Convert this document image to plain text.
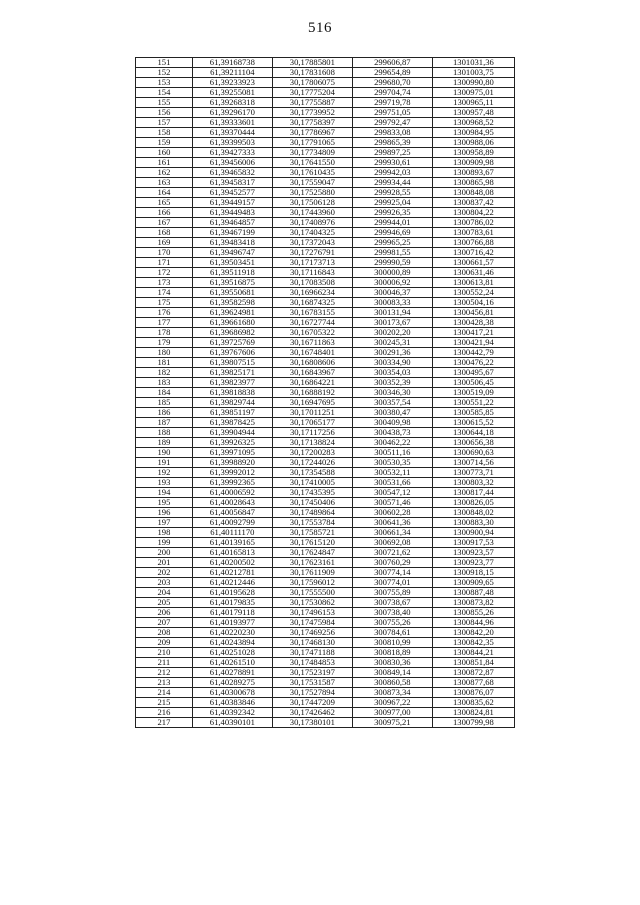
516
151	61,39168738	30,17885801	299606,87	1301031,36
152	61,39211104	30,17831608	299654,89	1301003,75
153	61,39233923	30,17806075	299680,70	1300990,80
154	61,39255081	30,17775204	299704,74	1300975,01
155	61,39268318	30,17755887	299719,78	1300965,11
156	61,39296170	30,17739952	299751,05	1300957,48
157	61,39333601	30,17758397	299792,47	1300968,52
158	61,39370444	30,17786967	299833,08	1300984,95
159	61,39399503	30,17791065	299865,39	1300988,06
160	61,39427333	30,17734809	299897,25	1300958,89
161	61,39456006	30,17641550	299930,61	1300909,98
162	61,39465832	30,17610435	299942,03	1300893,67
163	61,39458317	30,17559047	299934,44	1300865,98
164	61,39452577	30,17525880	299928,55	1300848,08
165	61,39449157	30,17506128	299925,04	1300837,42
166	61,39449483	30,17443960	299926,35	1300804,22
167	61,39464857	30,17408976	299944,01	1300786,02
168	61,39467199	30,17404325	299946,69	1300783,61
169	61,39483418	30,17372043	299965,25	1300766,88
170	61,39496747	30,17276791	299981,55	1300716,42
171	61,39503451	30,17173713	299990,59	1300661,57
172	61,39511918	30,17116843	300000,89	1300631,46
173	61,39516875	30,17083508	300006,92	1300613,81
174	61,39550681	30,16966234	300046,37	1300552,24
175	61,39582598	30,16874325	300083,33	1300504,16
176	61,39624981	30,16783155	300131,94	1300456,81
177	61,39661680	30,16727744	300173,67	1300428,38
178	61,39686982	30,16705322	300202,20	1300417,21
179	61,39725769	30,16711863	300245,31	1300421,94
180	61,39767606	30,16748401	300291,36	1300442,79
181	61,39807515	30,16808606	300334,90	1300476,22
182	61,39825171	30,16843967	300354,03	1300495,67
183	61,39823977	30,16864221	300352,39	1300506,45
184	61,39818838	30,16888192	300346,30	1300519,09
185	61,39829744	30,16947695	300357,54	1300551,22
186	61,39851197	30,17011251	300380,47	1300585,85
187	61,39878425	30,17065177	300409,98	1300615,52
188	61,39904944	30,17117256	300438,73	1300644,18
189	61,39926325	30,17138824	300462,22	1300656,38
190	61,39971095	30,17200283	300511,16	1300690,63
191	61,39988920	30,17244026	300530,35	1300714,56
192	61,39992012	30,17354588	300532,11	1300773,71
193	61,39992365	30,17410005	300531,66	1300803,32
194	61,40006592	30,17435395	300547,12	1300817,44
195	61,40028643	30,17450406	300571,46	1300826,05
196	61,40056847	30,17489864	300602,28	1300848,02
197	61,40092799	30,17553784	300641,36	1300883,30
198	61,40111170	30,17585721	300661,34	1300900,94
199	61,40139165	30,17615120	300692,08	1300917,53
200	61,40165813	30,17624847	300721,62	1300923,57
201	61,40200502	30,17623161	300760,29	1300923,77
202	61,40212781	30,17611909	300774,14	1300918,15
203	61,40212446	30,17596012	300774,01	1300909,65
204	61,40195628	30,17555500	300755,89	1300887,48
205	61,40179835	30,17530862	300738,67	1300873,82
206	61,40179118	30,17496153	300738,40	1300855,26
207	61,40193977	30,17475984	300755,26	1300844,96
208	61,40220230	30,17469256	300784,61	1300842,20
209	61,40243894	30,17468130	300810,99	1300842,35
210	61,40251028	30,17471188	300818,89	1300844,21
211	61,40261510	30,17484853	300830,36	1300851,84
212	61,40278891	30,17523197	300849,14	1300872,87
213	61,40289275	30,17531587	300860,58	1300877,68
214	61,40300678	30,17527894	300873,34	1300876,07
215	61,40383846	30,17447209	300967,22	1300835,62
216	61,40392342	30,17426462	300977,00	1300824,81
217	61,40390101	30,17380101	300975,21	1300799,98
